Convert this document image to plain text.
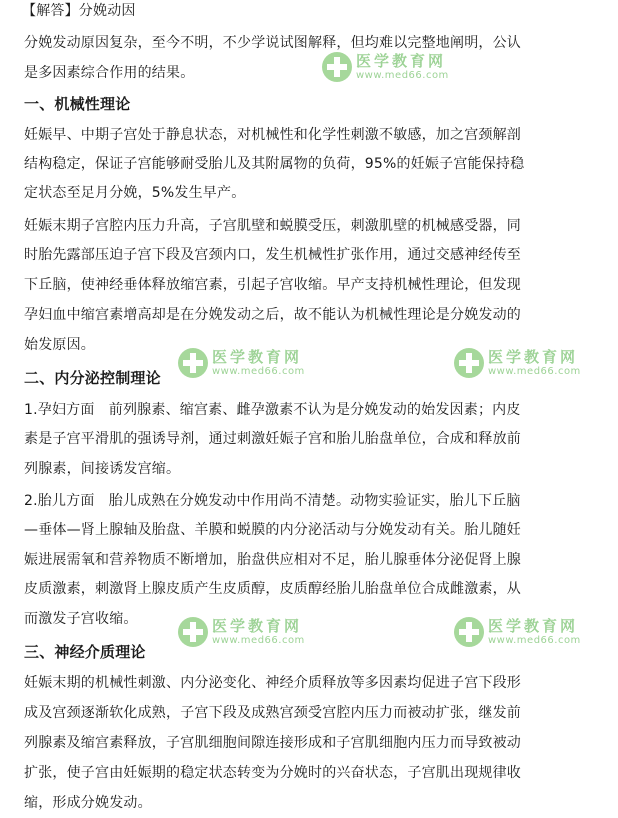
【解答】分娩动因
分娩发动原因复杂，至今不明，不少学说试图解释，但均难以完整地阐明，公认
是多因素综合作用的结果。
一、机械性理论
妊娠早、中期子宫处于静息状态，对机械性和化学性刺激不敏感，加之宫颈解剖
结构稳定，保证子宫能够耐受胎儿及其附属物的负荷，95%的妊娠子宫能保持稳
定状态至足月分娩，5%发生早产。
妊娠末期子宫腔内压力升高，子宫肌壁和蜕膜受压，刺激肌壁的机械感受器，同
时胎先露部压迫子宫下段及宫颈内口，发生机械性扩张作用，通过交感神经传至
下丘脑，使神经垂体释放缩宫素，引起子宫收缩。早产支持机械性理论，但发现
孕妇血中缩宫素增高却是在分娩发动之后，故不能认为机械性理论是分娩发动的
始发原因。
二、内分泌控制理论
1.孕妇方面　前列腺素、缩宫素、雌孕激素不认为是分娩发动的始发因素；内皮
素是子宫平滑肌的强诱导剂，通过刺激妊娠子宫和胎儿胎盘单位，合成和释放前
列腺素，间接诱发宫缩。
2.胎儿方面　胎儿成熟在分娩发动中作用尚不清楚。动物实验证实，胎儿下丘脑
—垂体—肾上腺轴及胎盘、羊膜和蜕膜的内分泌活动与分娩发动有关。胎儿随妊
娠进展需氧和营养物质不断增加，胎盘供应相对不足，胎儿腺垂体分泌促肾上腺
皮质激素，刺激肾上腺皮质产生皮质醇，皮质醇经胎儿胎盘单位合成雌激素，从
而激发子宫收缩。
三、神经介质理论
妊娠末期的机械性刺激、内分泌变化、神经介质释放等多因素均促进子宫下段形
成及宫颈逐渐软化成熟，子宫下段及成熟宫颈受宫腔内压力而被动扩张，继发前
列腺素及缩宫素释放，子宫肌细胞间隙连接形成和子宫肌细胞内压力而导致被动
扩张，使子宫由妊娠期的稳定状态转变为分娩时的兴奋状态，子宫肌出现规律收
缩，形成分娩发动。
医学教育网
www.med66.com
医学教育网
www.med66.com
医学教育网
www.med66.com
医学教育网
www.med66.com
医学教育网
www.med66.com
